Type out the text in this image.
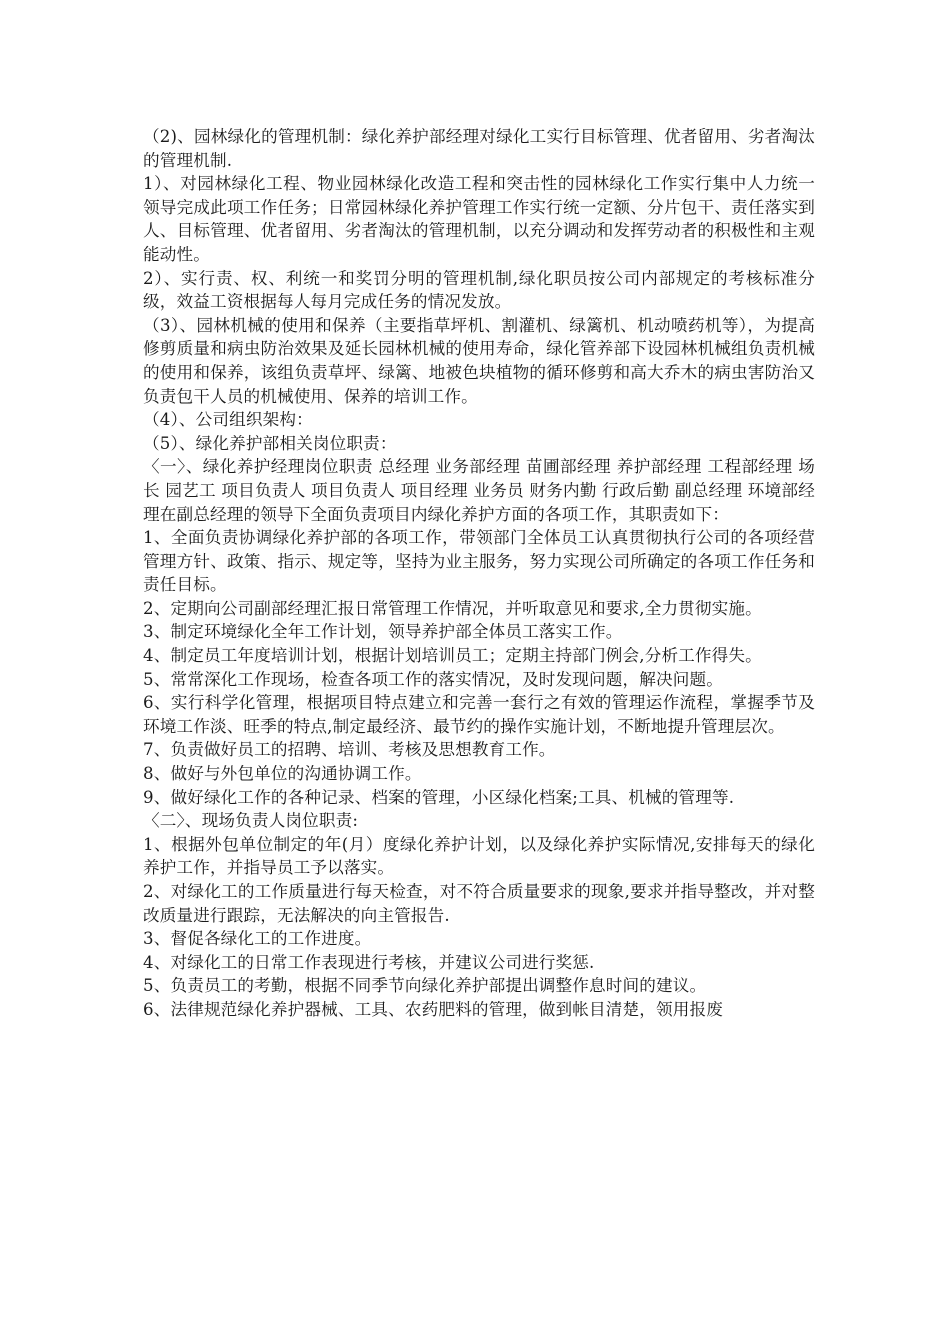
（2)、园林绿化的管理机制：绿化养护部经理对绿化工实行目标管理、优者留用、劣者淘汰的管理机制.

1）、对园林绿化工程、物业园林绿化改造工程和突击性的园林绿化工作实行集中人力统一领导完成此项工作任务；日常园林绿化养护管理工作实行统一定额、分片包干、责任落实到人、目标管理、优者留用、劣者淘汰的管理机制，以充分调动和发挥劳动者的积极性和主观能动性。

2）、实行责、权、利统一和奖罚分明的管理机制,绿化职员按公司内部规定的考核标准分级，效益工资根据每人每月完成任务的情况发放。

（3）、园林机械的使用和保养（主要指草坪机、割灌机、绿篱机、机动喷药机等），为提高修剪质量和病虫防治效果及延长园林机械的使用寿命，绿化管养部下设园林机械组负责机械的使用和保养，该组负责草坪、绿篱、地被色块植物的循环修剪和高大乔木的病虫害防治又负责包干人员的机械使用、保养的培训工作。

（4）、公司组织架构：

（5）、绿化养护部相关岗位职责：

〈一〉、绿化养护经理岗位职责 总经理 业务部经理 苗圃部经理 养护部经理 工程部经理 场长 园艺工 项目负责人 项目负责人 项目经理 业务员 财务内勤 行政后勤 副总经理 环境部经理在副总经理的领导下全面负责项目内绿化养护方面的各项工作，其职责如下：

1、全面负责协调绿化养护部的各项工作，带领部门全体员工认真贯彻执行公司的各项经营管理方针、政策、指示、规定等，坚持为业主服务，努力实现公司所确定的各项工作任务和责任目标。

2、定期向公司副部经理汇报日常管理工作情况，并听取意见和要求,全力贯彻实施。

3、制定环境绿化全年工作计划，领导养护部全体员工落实工作。

4、制定员工年度培训计划，根据计划培训员工；定期主持部门例会,分析工作得失。

5、常常深化工作现场，检查各项工作的落实情况，及时发现问题，解决问题。

6、实行科学化管理，根据项目特点建立和完善一套行之有效的管理运作流程，掌握季节及环境工作淡、旺季的特点,制定最经济、最节约的操作实施计划，不断地提升管理层次。

7、负责做好员工的招聘、培训、考核及思想教育工作。

8、做好与外包单位的沟通协调工作。

9、做好绿化工作的各种记录、档案的管理，小区绿化档案;工具、机械的管理等.

〈二〉、现场负责人岗位职责:

1、根据外包单位制定的年(月）度绿化养护计划，以及绿化养护实际情况,安排每天的绿化养护工作，并指导员工予以落实。

2、对绿化工的工作质量进行每天检查，对不符合质量要求的现象,要求并指导整改，并对整改质量进行跟踪，无法解决的向主管报告.

3、督促各绿化工的工作进度。

4、对绿化工的日常工作表现进行考核，并建议公司进行奖惩.

5、负责员工的考勤，根据不同季节向绿化养护部提出调整作息时间的建议。

6、法律规范绿化养护器械、工具、农药肥料的管理，做到帐目清楚，领用报废
